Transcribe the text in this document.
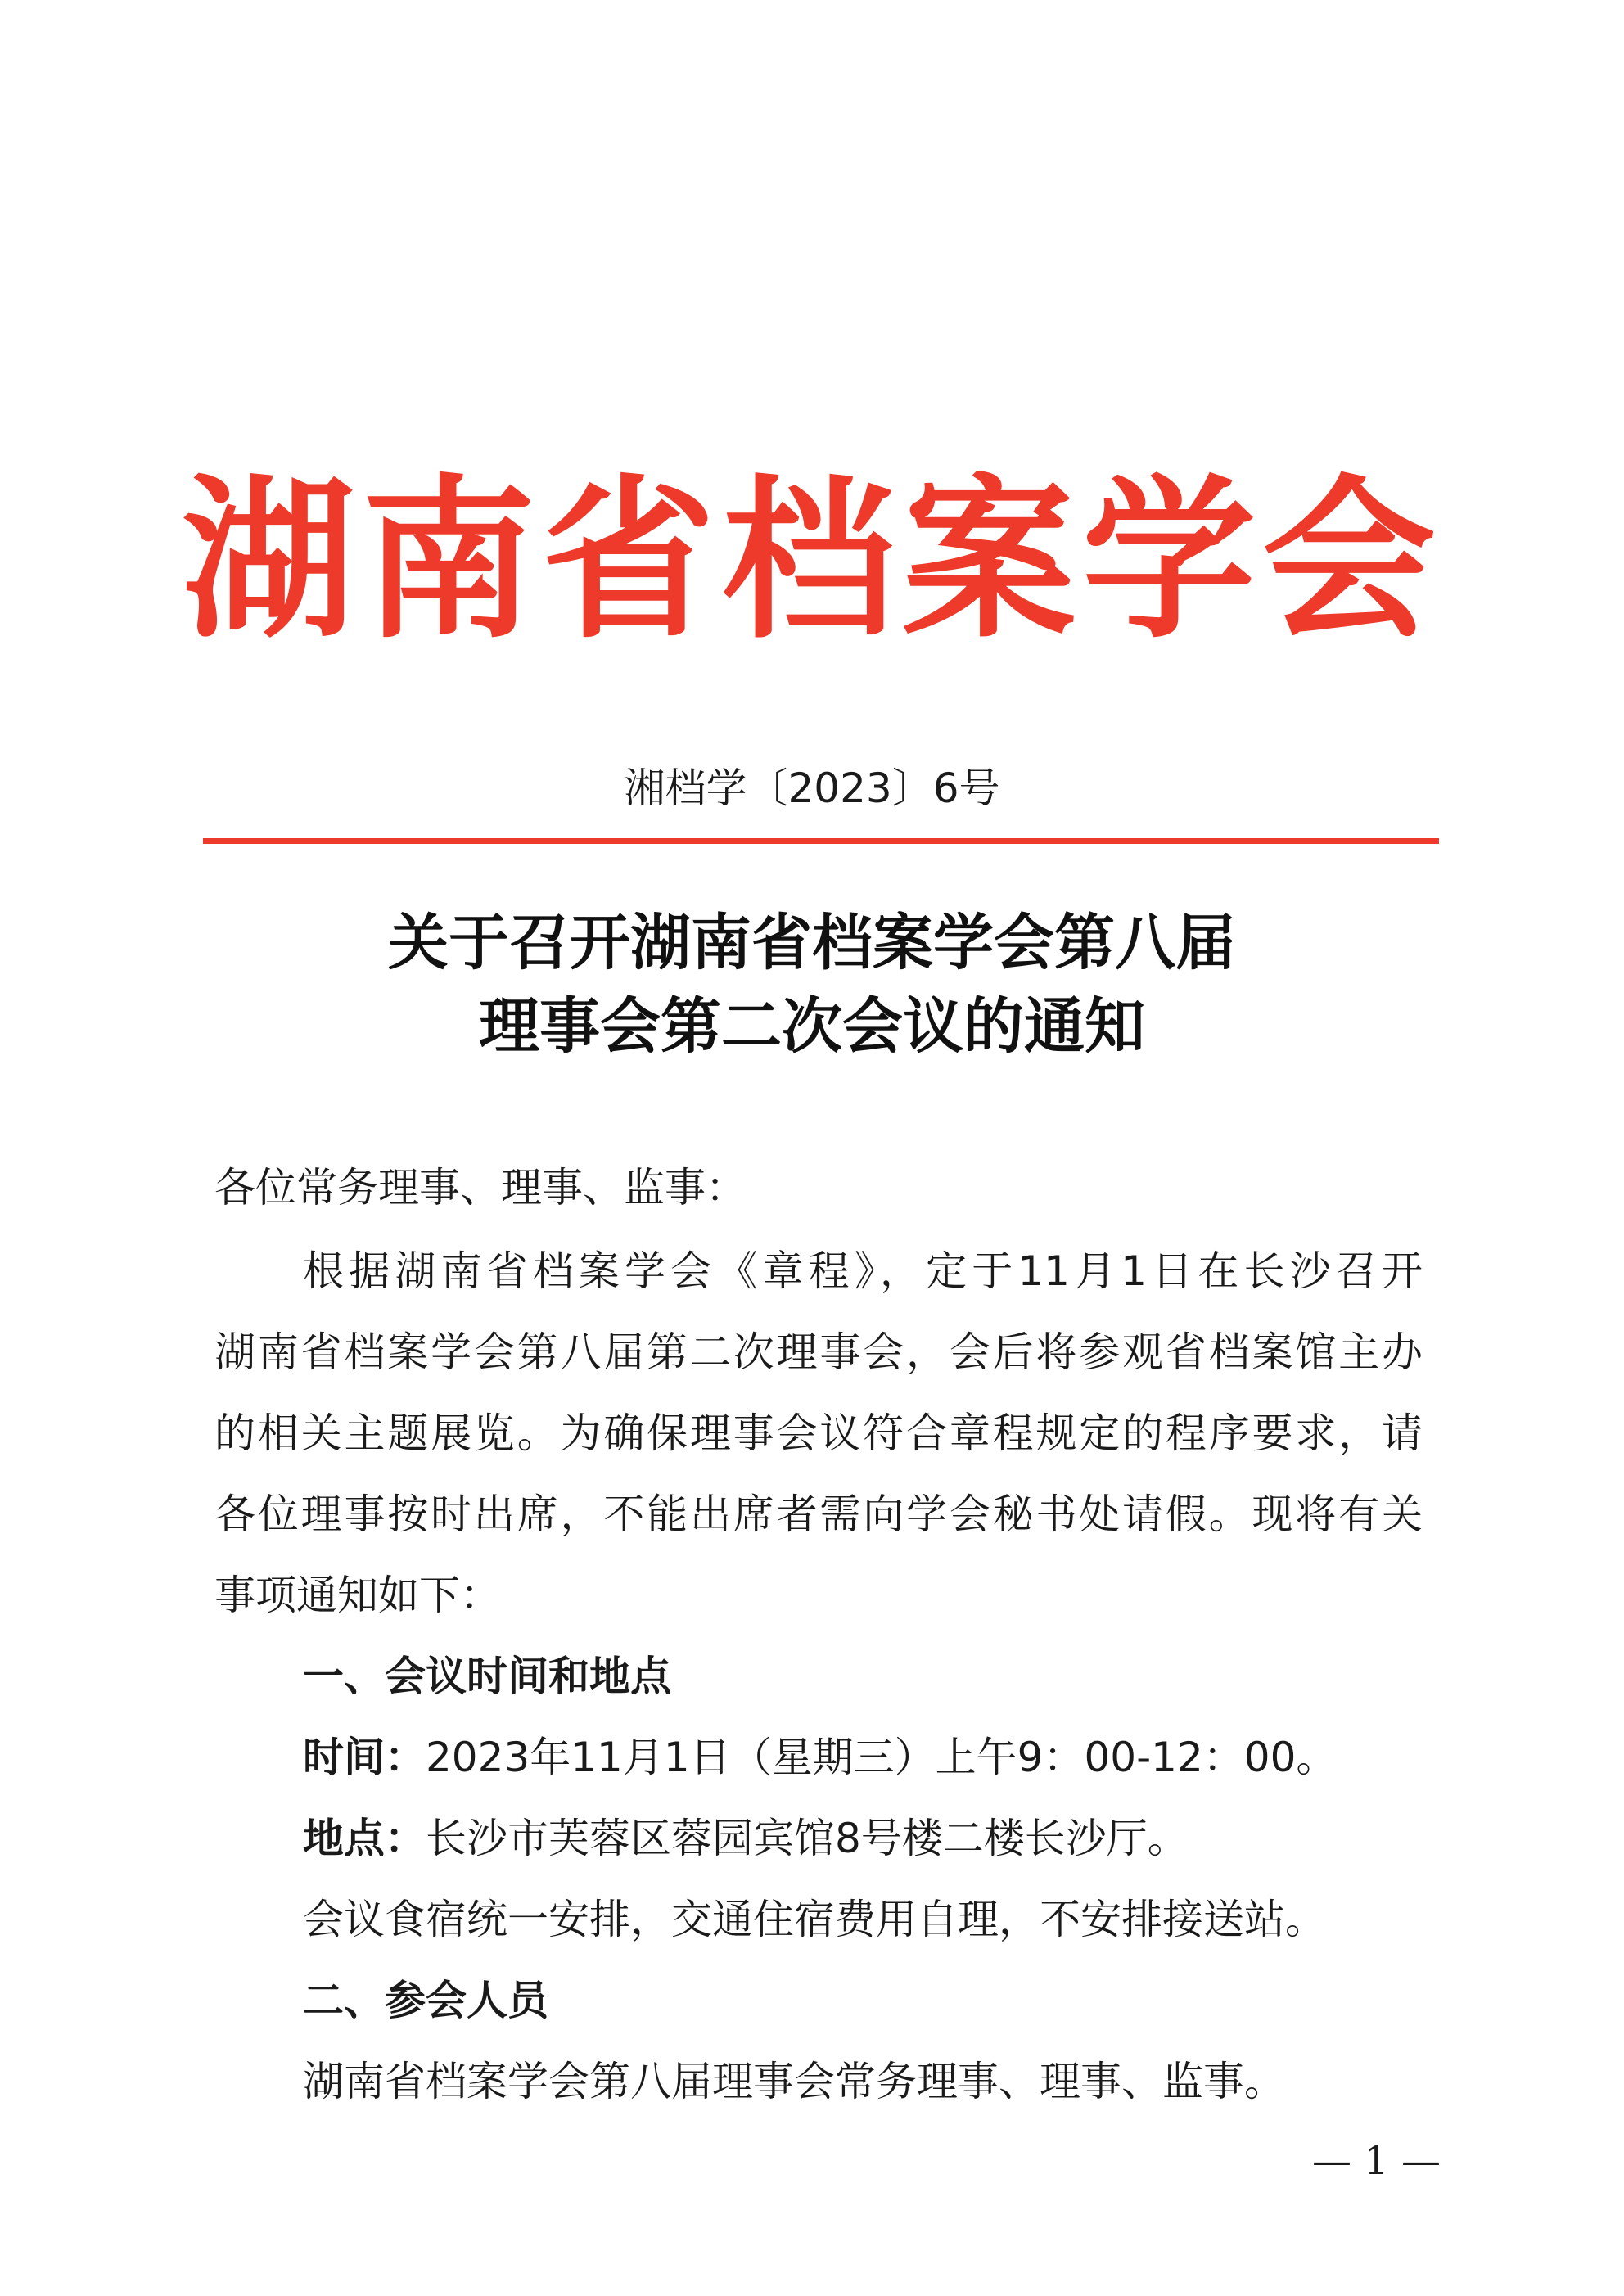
湖南省档案学会
湘档学〔2023〕6号
关于召开湖南省档案学会第八届
理事会第二次会议的通知
各位常务理事、理事、监事：
根据湖南省档案学会《章程》，定于11月1日在长沙召开
湖南省档案学会第八届第二次理事会，会后将参观省档案馆主办
的相关主题展览。为确保理事会议符合章程规定的程序要求，请
各位理事按时出席，不能出席者需向学会秘书处请假。现将有关
事项通知如下：
一、会议时间和地点
时间：2023年11月1日（星期三）上午9：00-12：00。
地点：长沙市芙蓉区蓉园宾馆8号楼二楼长沙厅。
会议食宿统一安排，交通住宿费用自理，不安排接送站。
二、参会人员
湖南省档案学会第八届理事会常务理事、理事、监事。
— 1 —
